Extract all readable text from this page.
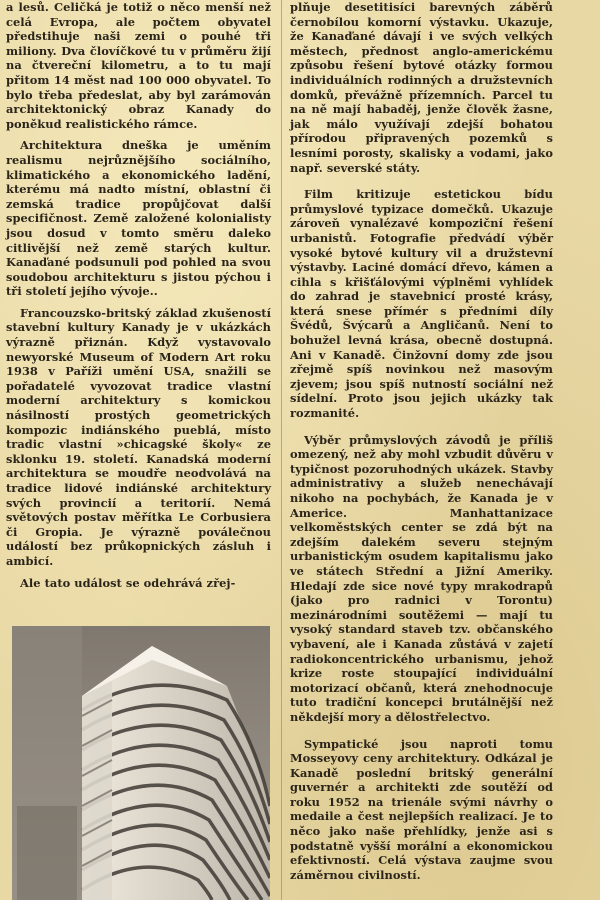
a lesů. Celičká je totiž o něco menší než celá Evropa, ale počtem obyvatel předstihuje naši zemi o pouhé tři miliony. Dva človíčkové tu v průměru žijí na čtvereční kilometru, a to tu mají přitom 14 měst nad 100 000 obyvatel. To bylo třeba předeslat, aby byl zarámován architektonický obraz Kanady do poněkud realistického rámce.

Architektura dneška je uměním realismu nejrůznějšího sociálního, klimatického a ekonomického ladění, kterému má nadto místní, oblastní či zemská tradice propůjčovat další specifičnost. Země založené kolonialisty jsou dosud v tomto směru daleko citlivější než země starých kultur. Kanaďané podsunuli pod pohled na svou soudobou architekturu s jistou pýchou i tři století jejího vývoje..

Francouzsko-britský základ zkušeností stavební kultury Kanady je v ukázkách výrazně přiznán. Když vystavovalo newyorské Museum of Modern Art roku 1938 v Paříži umění USA, snažili se pořadatelé vyvozovat tradice vlastní moderní architektury s komickou násilností prostých geometrických kompozic indiánského pueblá, místo tradic vlastní »chicagské školy« ze sklonku 19. století. Kanadská moderní architektura se moudře neodvolává na tradice lidové indiánské architektury svých provincií a teritorií. Nemá světových postav měřítka Le Corbusiera či Gropia. Je výrazně poválečnou událostí bez průkopnických zásluh i ambicí.

Ale tato událost se odehrává zřej-

plňuje desetitisíci barevných záběrů černobílou komorní výstavku. Ukazuje, že Kanaďané dávají i ve svých velkých městech, přednost anglo-americkému způsobu řešení bytové otázky formou individuálních rodinných a družstevních domků, převážně přízemních. Parcel tu na ně mají habaděj, jenže člověk žasne, jak málo využívají zdejší bohatou přírodou připravených pozemků s lesními porosty, skalisky a vodami, jako např. severské státy.

Film kritizuje estetickou bídu průmyslové typizace domečků. Ukazuje zároveň vynalézavé kompoziční řešení urbanistů. Fotografie předvádí výběr vysoké bytové kultury vil a družstevní výstavby. Laciné domácí dřevo, kámen a cihla s křišťálovými výplněmi vyhlídek do zahrad je stavebnicí prosté krásy, která snese přímér s předními díly Švédů, Švýcarů a Angličanů. Není to bohužel levná krása, obecně dostupná. Ani v Kanadě. Činžovní domy zde jsou zřejmě spíš novinkou než masovým zjevem; jsou spíš nutností sociální než sídelní. Proto jsou jejich ukázky tak rozmanité.

Výběr průmyslových závodů je příliš omezený, než aby mohl vzbudit důvěru v typičnost pozoruhodných ukázek. Stavby administrativy a služeb nenechávají nikoho na pochybách, že Kanada je v Americe. Manhattanizace velkoměstských center se zdá být na zdejším dalekém severu stejným urbanistickým osudem kapitalismu jako ve státech Střední a Jižní Ameriky. Hledají zde sice nové typy mrakodrapů (jako pro radnici v Torontu) mezinárodními soutěžemi — mají tu vysoký standard staveb tzv. občanského vybavení, ale i Kanada zůstává v zajetí radiokoncentrického urbanismu, jehož krize roste stoupající individuální motorizací občanů, která znehodnocuje tuto tradiční koncepci brutálnější než někdejší mory a dělostřelectvo.

Sympatické jsou naproti tomu Mosseyovy ceny architektury. Odkázal je Kanadě poslední britský generální guvernér a architekti zde soutěží od roku 1952 na trienále svými návrhy o medaile a čest nejlepších realizací. Je to něco jako naše přehlídky, jenže asi s podstatně vyšší morální a ekonomickou efektivností. Celá výstava zaujme svou záměrnou civilností.
